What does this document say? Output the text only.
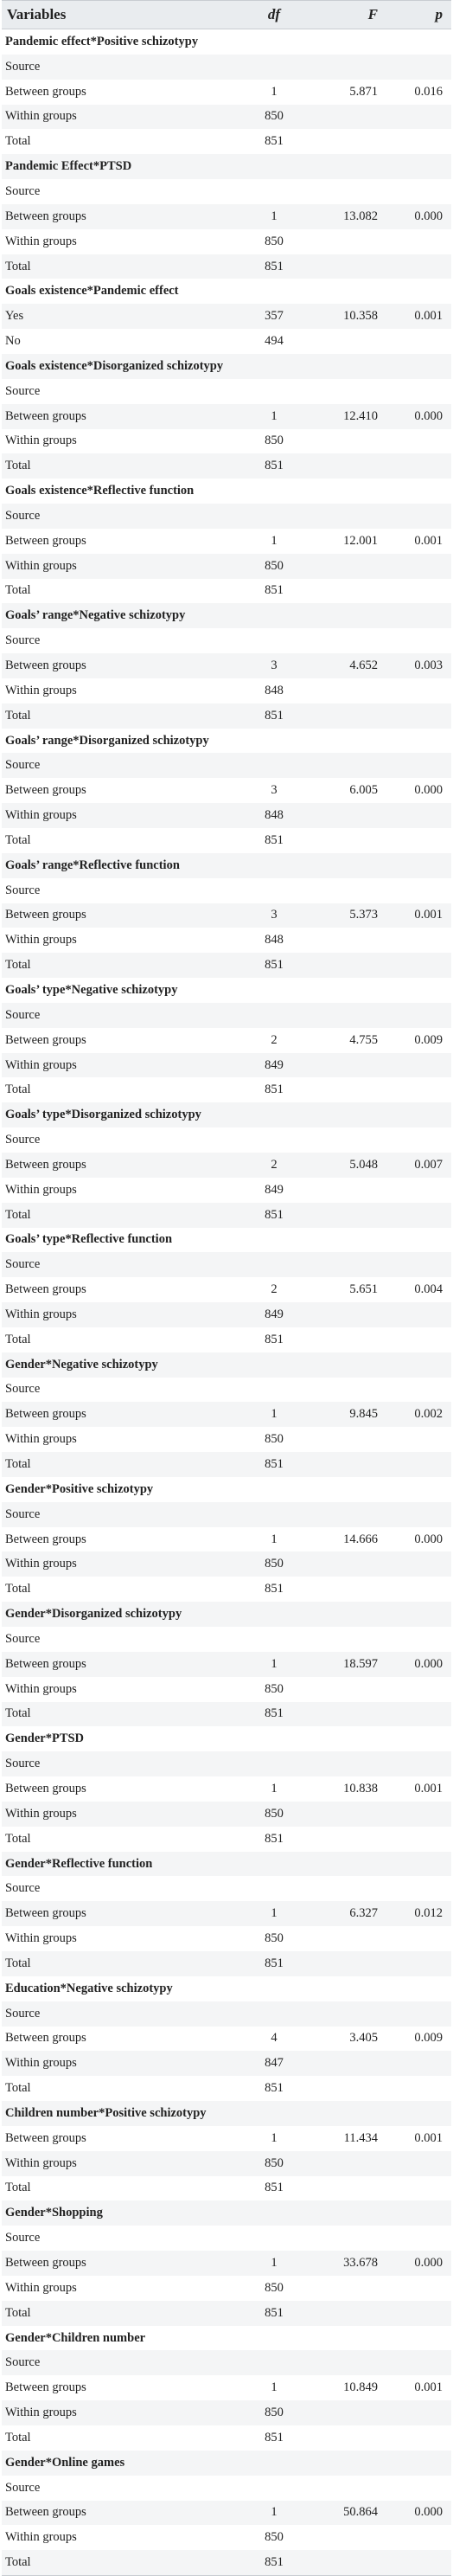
Variables	df	F	p
Pandemic effect*Positive schizotypy
Source
Between groups	1	5.871	0.016
Within groups	850
Total	851
Pandemic Effect*PTSD
Source
Between groups	1	13.082	0.000
Within groups	850
Total	851
Goals existence*Pandemic effect
Yes	357	10.358	0.001
No	494
Goals existence*Disorganized schizotypy
Source
Between groups	1	12.410	0.000
Within groups	850
Total	851
Goals existence*Reflective function
Source
Between groups	1	12.001	0.001
Within groups	850
Total	851
Goals’ range*Negative schizotypy
Source
Between groups	3	4.652	0.003
Within groups	848
Total	851
Goals’ range*Disorganized schizotypy
Source
Between groups	3	6.005	0.000
Within groups	848
Total	851
Goals’ range*Reflective function
Source
Between groups	3	5.373	0.001
Within groups	848
Total	851
Goals’ type*Negative schizotypy
Source
Between groups	2	4.755	0.009
Within groups	849
Total	851
Goals’ type*Disorganized schizotypy
Source
Between groups	2	5.048	0.007
Within groups	849
Total	851
Goals’ type*Reflective function
Source
Between groups	2	5.651	0.004
Within groups	849
Total	851
Gender*Negative schizotypy
Source
Between groups	1	9.845	0.002
Within groups	850
Total	851
Gender*Positive schizotypy
Source
Between groups	1	14.666	0.000
Within groups	850
Total	851
Gender*Disorganized schizotypy
Source
Between groups	1	18.597	0.000
Within groups	850
Total	851
Gender*PTSD
Source
Between groups	1	10.838	0.001
Within groups	850
Total	851
Gender*Reflective function
Source
Between groups	1	6.327	0.012
Within groups	850
Total	851
Education*Negative schizotypy
Source
Between groups	4	3.405	0.009
Within groups	847
Total	851
Children number*Positive schizotypy
Between groups	1	11.434	0.001
Within groups	850
Total	851
Gender*Shopping
Source
Between groups	1	33.678	0.000
Within groups	850
Total	851
Gender*Children number
Source
Between groups	1	10.849	0.001
Within groups	850
Total	851
Gender*Online games
Source
Between groups	1	50.864	0.000
Within groups	850
Total	851
